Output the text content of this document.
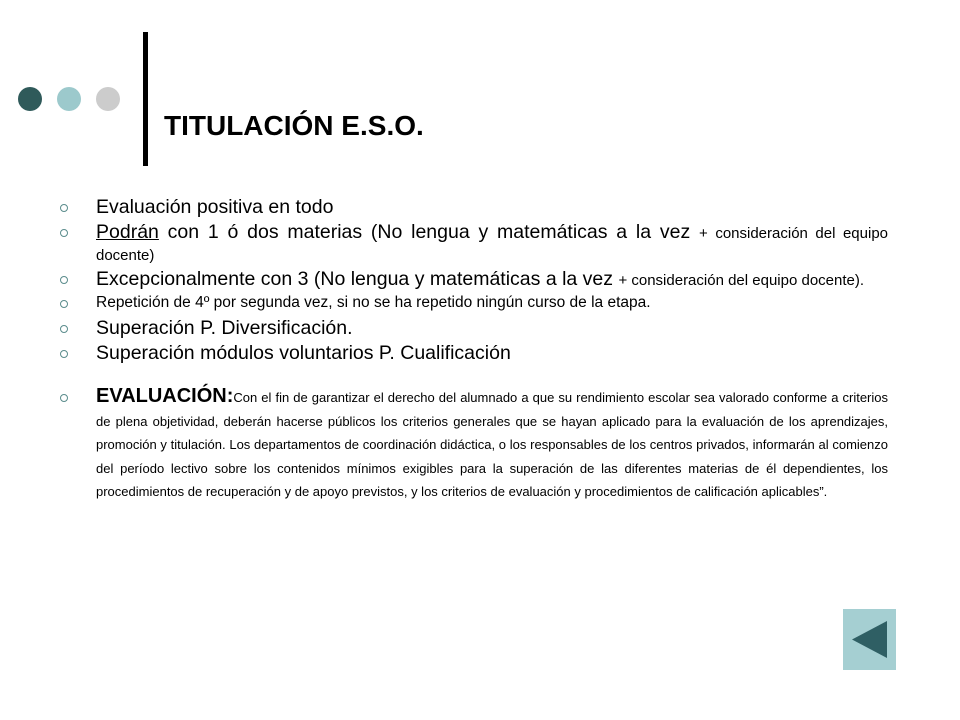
TITULACIÓN E.S.O.
Evaluación positiva en todo
Podrán con 1 ó dos materias (No lengua y matemáticas a la vez + consideración del equipo docente)
Excepcionalmente con 3 (No lengua y matemáticas a la vez + consideración del equipo docente).
Repetición de 4º por segunda vez, si no se ha repetido ningún curso de la etapa.
Superación P. Diversificación.
Superación módulos voluntarios P. Cualificación
EVALUACIÓN:Con el fin de garantizar el derecho del alumnado a que su rendimiento escolar sea valorado conforme a criterios de plena objetividad, deberán hacerse públicos los criterios generales que se hayan aplicado para la evaluación de los aprendizajes, promoción y titulación. Los departamentos de coordinación didáctica, o los responsables de los centros privados, informarán al comienzo del período lectivo sobre los contenidos mínimos exigibles para la superación de las diferentes materias de él dependientes, los procedimientos de recuperación y de apoyo previstos, y los criterios de evaluación y procedimientos de calificación aplicables”.
